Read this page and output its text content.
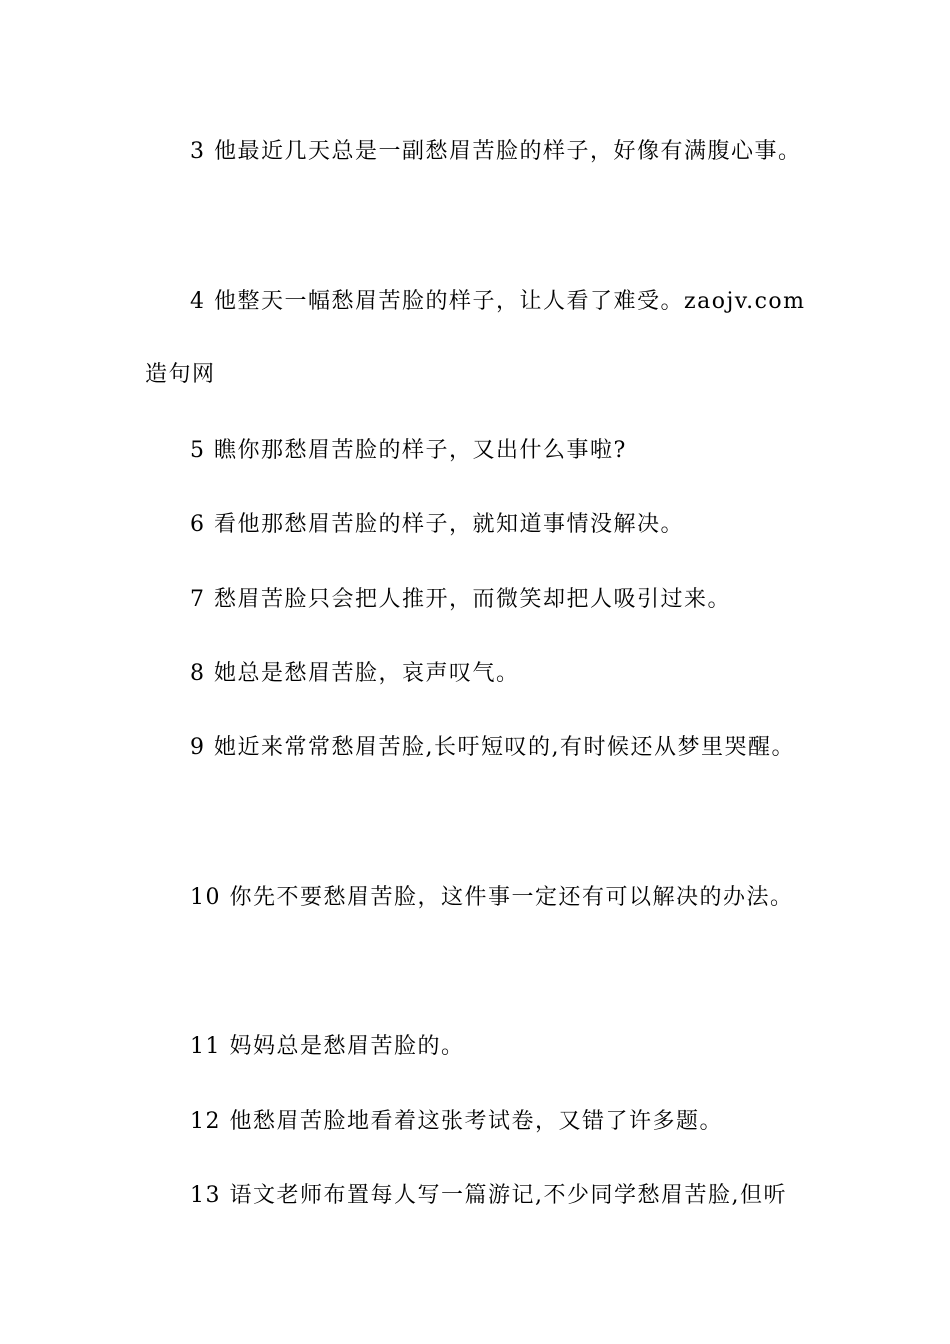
3 他最近几天总是一副愁眉苦脸的样子，好像有满腹心事。
4 他整天一幅愁眉苦脸的样子，让人看了难受。zaojv.com
造句网
5 瞧你那愁眉苦脸的样子，又出什么事啦?
6 看他那愁眉苦脸的样子，就知道事情没解决。
7 愁眉苦脸只会把人推开，而微笑却把人吸引过来。
8 她总是愁眉苦脸，哀声叹气。
9 她近来常常愁眉苦脸,长吁短叹的,有时候还从梦里哭醒。
10 你先不要愁眉苦脸，这件事一定还有可以解决的办法。
11 妈妈总是愁眉苦脸的。
12 他愁眉苦脸地看着这张考试卷，又错了许多题。
13 语文老师布置每人写一篇游记,不少同学愁眉苦脸,但听
